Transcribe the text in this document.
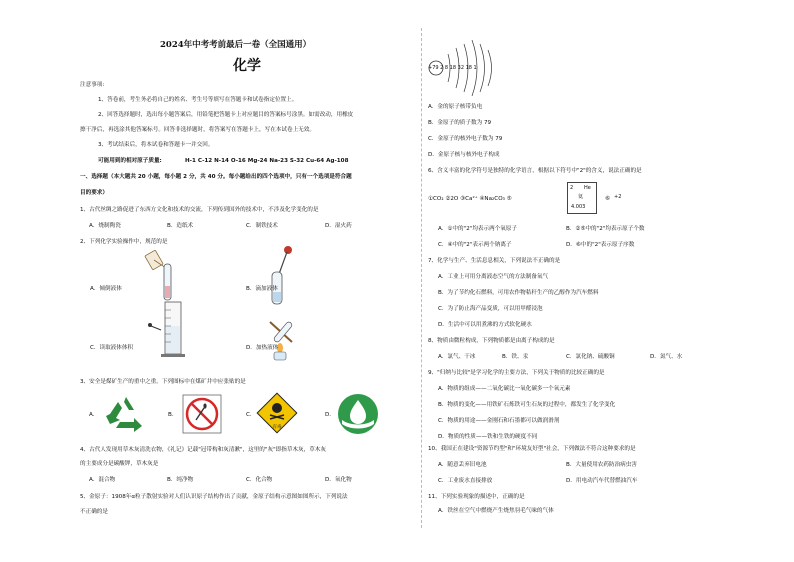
2024年中考考前最后一卷（全国通用）
化学
注意事项:
1、答卷前，考生务必将自己的姓名、考生号等填写在答题卡和试卷指定位置上。
2、回答选择题时，选出每小题答案后，用铅笔把答题卡上对应题目的答案标号涂黑。如需改动，用橡皮
擦干净后，再选涂其他答案标号。回答非选择题时，将答案写在答题卡上，写在本试卷上无效。
3、考试结束后，将本试卷和答题卡一并交回。
可能用到的相对原子质量:	H-1 C-12 N-14 O-16 Mg-24 Na-23 S-32 Cu-64 Ag-108
一、选择题（本大题共 20 小题，每小题 2 分，共 40 分。每小题给出的四个选项中，只有一个选项是符合题
目的要求）
1、古代丝绸之路促进了东西方文化和技术的交流，下列传到国外的技术中，不涉及化学变化的是
A．烧制陶瓷	B．造纸术	C．制铁技术	D．湿火药
2、下列化学实验操作中，规范的是
A．倾倒液体	B．滴加液体
C．读取液体体积	D．加热液体
3、安全是煤矿生产的重中之重。下列图标中在煤矿井中应张贴的是
A．	B．	C．
有毒
D．
4、古代人发现用草木灰清洗衣物，《礼记》记载"冠带构和灰清漱"，这里的"灰"即指草木灰，草木灰
的主要成分是碳酸钾，草木灰是
A．混合物	B．纯净物	C．化合物	D．氧化物
5、金原子：1908年α粒子散射实验对人们认识原子结构作出了贡献，金原子结构示意图如图所示，下列说法
不正确的是
+79 2 8 18 32 18 1
A．金的原子核带负电
B．金原子的质子数为 79
C．金原子的核外电子数为 79
D．金原子核与核外电子构成
6、含义丰富的化学符号是独特的化学语言，根据以下符号中"2"的含义，说法正确的是
①CO₂ ②2O ③Ca²⁺ ④Na₂CO₃ ⑤
2 He
氦
4.003
⑥ +2
A．①中的"2"均表示两个氧原子	B．②⑤中的"2"均表示原子个数
C．④中的"2"表示两个钠离子	D．⑥中的"2"表示原子序数
7、化学与生产、生活息息相关，下列说法不正确的是
A．工业上可用分离液态空气的方法制备氧气
B．为了节约化石燃料，可用农作物秸秆生产的乙醇作为汽车燃料
C．为了防止海产品变质，可以用甲醛浸泡
D．生活中可以用煮沸的方式软化硬水
8、物质由微粒构成，下列物质都是由离子构成的是
A．氯气、干冰	B．铁、汞	C．氯化钠、硫酸铜	D．氮气、水
9、"归纳与比较"是学习化学的主要方法，下列关于物质的比较正确的是
A．物质的组成——二氧化碳比一氧化碳多一个氧元素
B．物质的变化——用铁矿石炼铁可生石灰的过程中，都发生了化学变化
C．物质的用途——金刚石和石墨都可以做润滑剂
D．物质的性质——铁和生铁的硬度不同
10、我国正在建设"资源节约型"和"环境友好型"社会，下列做法不符合这种要求的是
A．随意丢弃旧电池	B．大量使用农药防治病虫害
C．工业废水直接排放	D．用电动汽车代替燃油汽车
11、下列实验现象的描述中，正确的是
A．铁丝在空气中燃烧产生烧焦羽毛气味的气体
